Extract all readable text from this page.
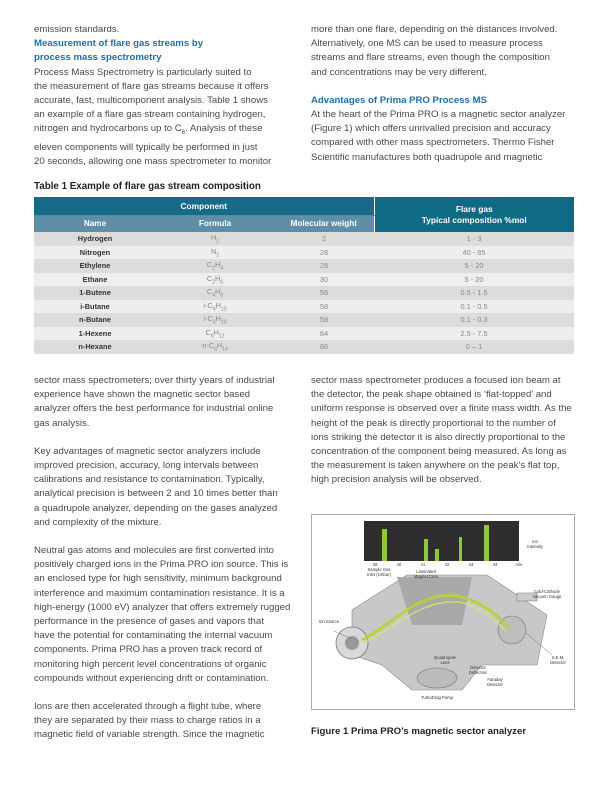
emission standards.

Measurement of flare gas streams by

process mass spectrometry

Process Mass Spectrometry is particularly suited to

the measurement of flare gas streams because it offers

accurate, fast, multicomponent analysis. Table 1 shows

an example of a flare gas stream containing hydrogen,

nitrogen and hydrocarbons up to $C_6$. Analysis of these

eleven components will typically be performed in just

20 seconds, allowing one mass spectrometer to monitor

more than one flare, depending on the distances involved.

Alternatively, one MS can be used to measure process

streams and flare streams, even though the composition

and concentrations may be very different.

Advantages of Prima PRO Process MS

At the heart of the Prima PRO is a magnetic sector analyzer

(Figure 1) which offers unrivalled precision and accuracy

compared with other mass spectrometers. Thermo Fisher

Scientific manufactures both quadrupole and magnetic

Table 1 Example of flare gas stream composition
Component			Flare gas
Typical composition %mol

Name	Formula	Molecular weight	
Hydrogen	$H_2$	2	1 - 3
Nitrogen	$N_2$	28	40 - 85
Ethylene	$C_2H_4$	28	5 - 20
Ethane	$C_2H_6$	30	5 - 20
1-Butene	$C_4H_8$	56	0.5 - 1.5
i-Butane	$i-C_4H_{10}$	58	0.1 - 0.5
n-Butane	$i-C_4H_{10}$	58	0.1 - 0.3
1-Hexene	$C_6H_{12}$	84	2.5 - 7.5
n-Hexane	$n-C_6H_{14}$	86	0 – 1

sector mass spectrometers; over thirty years of industrial

experience have shown the magnetic sector based

analyzer offers the best performance for industrial online

gas analysis.

Key advantages of magnetic sector analyzers include

improved precision, accuracy, long intervals between

calibrations and resistance to contamination. Typically,

analytical precision is between 2 and 10 times better than

a quadrupole analyzer, depending on the gases analyzed

and complexity of the mixture.

Neutral gas atoms and molecules are first converted into

positively charged ions in the Prima PRO ion source. This is

an enclosed type for high sensitivity, minimum background

interference and maximum contamination resistance. It is a

high-energy (1000 eV) analyzer that offers extremely rugged

performance in the presence of gases and vapors that

have the potential for contaminating the internal vacuum

components. Prima PRO has a proven track record of

monitoring high percent level concentrations of organic

compounds without experiencing drift or contamination.

Ions are then accelerated through a flight tube, where

they are separated by their mass to charge ratios in a

magnetic field of variable strength. Since the magnetic

sector mass spectrometer produces a focused ion beam at

the detector, the peak shape obtained is ‘flat-topped’ and

uniform response is observed over a finite mass width. As the

height of the peak is directly proportional to the number of

ions striking the detector it is also directly proportional to the

concentration of the component being measured. As long as

the measurement is taken anywhere on the peak’s flat top,

high precision analysis will be observed.

39	40	41	42	43	44	m/e
Ion
Intensity
Sample Gas
Inlet (1mbar)
Laminated
Magnet Core
Cold-Cathode
Vacuum Gauge
Ion Source
S.E.M.
Detector
Quadrupole
Lens
Detector
Deflection
Faraday
Detector
TurboDrag Pump
Figure 1 Prima PRO’s magnetic sector analyzer
